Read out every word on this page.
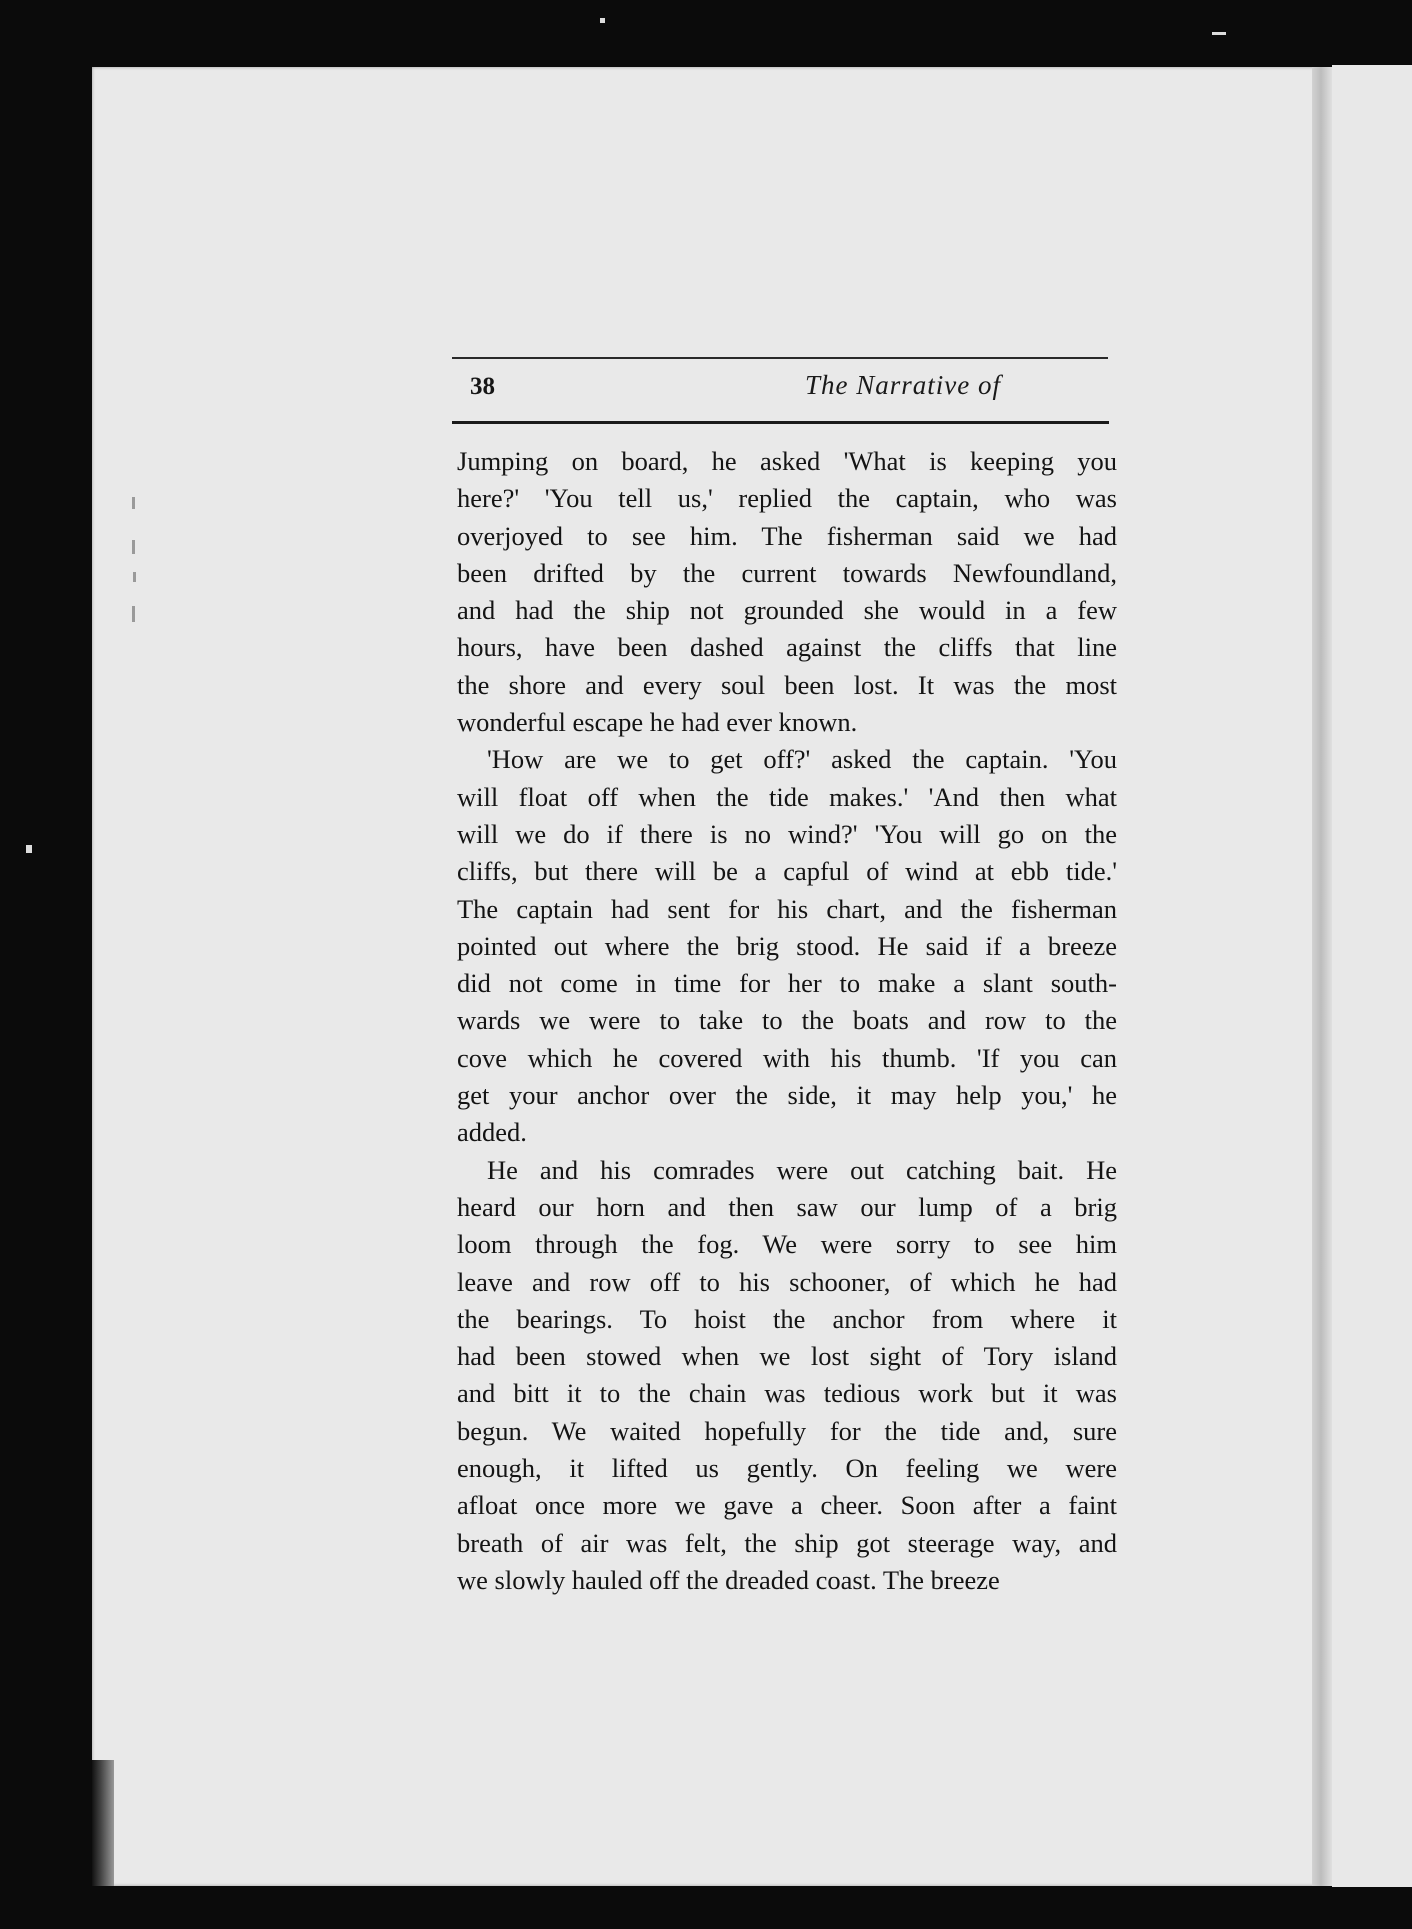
38	The Narrative of
Jumping on board, he asked 'What is keeping you
here?' 'You tell us,' replied the captain, who was
overjoyed to see him. The fisherman said we had
been drifted by the current towards Newfoundland,
and had the ship not grounded she would in a few
hours, have been dashed against the cliffs that line
the shore and every soul been lost. It was the most
wonderful escape he had ever known.
'How are we to get off?' asked the captain. 'You
will float off when the tide makes.' 'And then what
will we do if there is no wind?' 'You will go on the
cliffs, but there will be a capful of wind at ebb tide.'
The captain had sent for his chart, and the fisherman
pointed out where the brig stood. He said if a breeze
did not come in time for her to make a slant south-
wards we were to take to the boats and row to the
cove which he covered with his thumb. 'If you can
get your anchor over the side, it may help you,' he
added.
He and his comrades were out catching bait. He
heard our horn and then saw our lump of a brig
loom through the fog. We were sorry to see him
leave and row off to his schooner, of which he had
the bearings. To hoist the anchor from where it
had been stowed when we lost sight of Tory island
and bitt it to the chain was tedious work but it was
begun. We waited hopefully for the tide and, sure
enough, it lifted us gently. On feeling we were
afloat once more we gave a cheer. Soon after a faint
breath of air was felt, the ship got steerage way, and
we slowly hauled off the dreaded coast. The breeze
